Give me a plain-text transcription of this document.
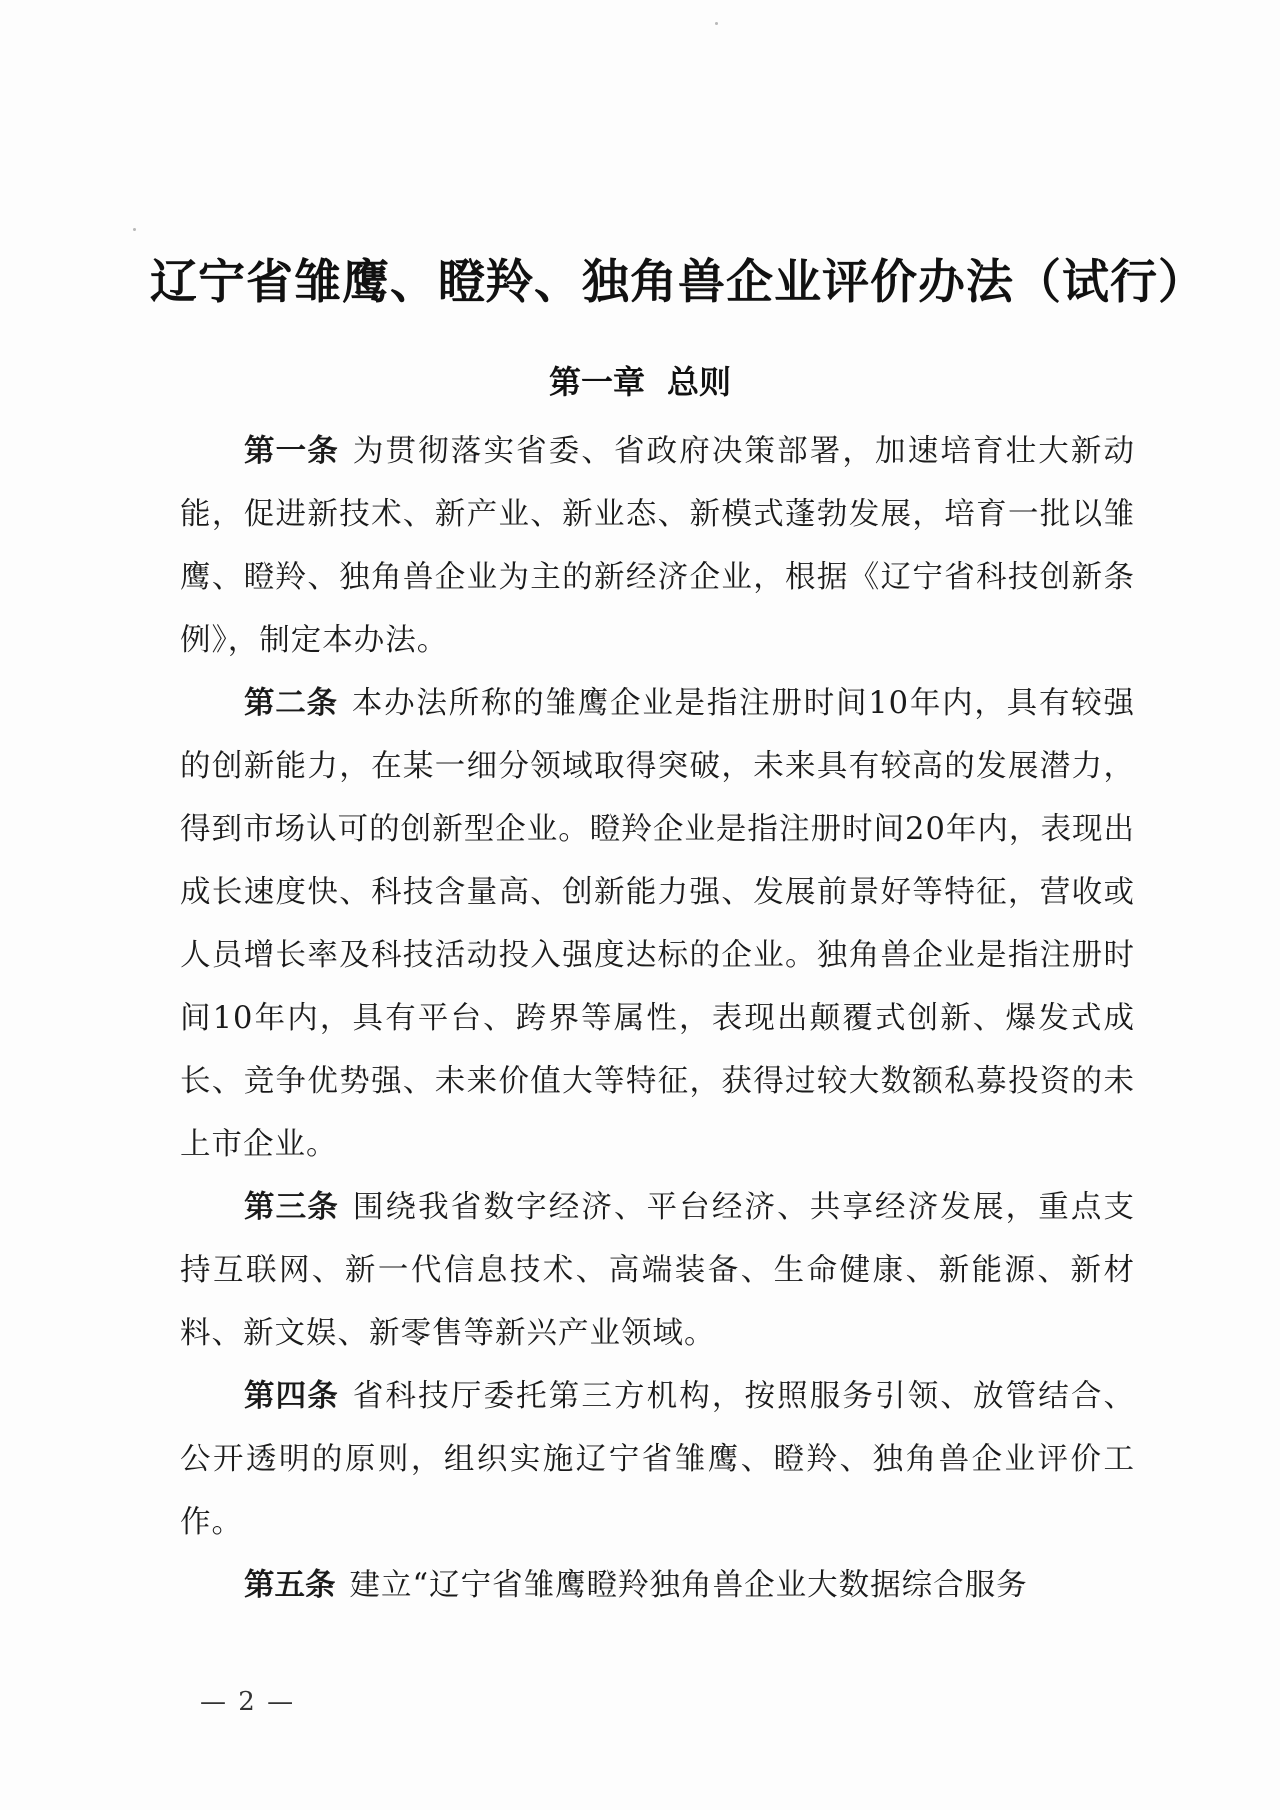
辽宁省雏鹰、瞪羚、独角兽企业评价办法（试行）
第一章 总则

第一条 为贯彻落实省委、省政府决策部署，加速培育壮大新动能，促进新技术、新产业、新业态、新模式蓬勃发展，培育一批以雏鹰、瞪羚、独角兽企业为主的新经济企业，根据《辽宁省科技创新条例》，制定本办法。

第二条 本办法所称的雏鹰企业是指注册时间10年内，具有较强的创新能力，在某一细分领域取得突破，未来具有较高的发展潜力，得到市场认可的创新型企业。瞪羚企业是指注册时间20年内，表现出成长速度快、科技含量高、创新能力强、发展前景好等特征，营收或人员增长率及科技活动投入强度达标的企业。独角兽企业是指注册时间10年内，具有平台、跨界等属性，表现出颠覆式创新、爆发式成长、竞争优势强、未来价值大等特征，获得过较大数额私募投资的未上市企业。

第三条 围绕我省数字经济、平台经济、共享经济发展，重点支持互联网、新一代信息技术、高端装备、生命健康、新能源、新材料、新文娱、新零售等新兴产业领域。

第四条 省科技厅委托第三方机构，按照服务引领、放管结合、公开透明的原则，组织实施辽宁省雏鹰、瞪羚、独角兽企业评价工作。

第五条 建立“辽宁省雏鹰瞪羚独角兽企业大数据综合服务

— 2 —
